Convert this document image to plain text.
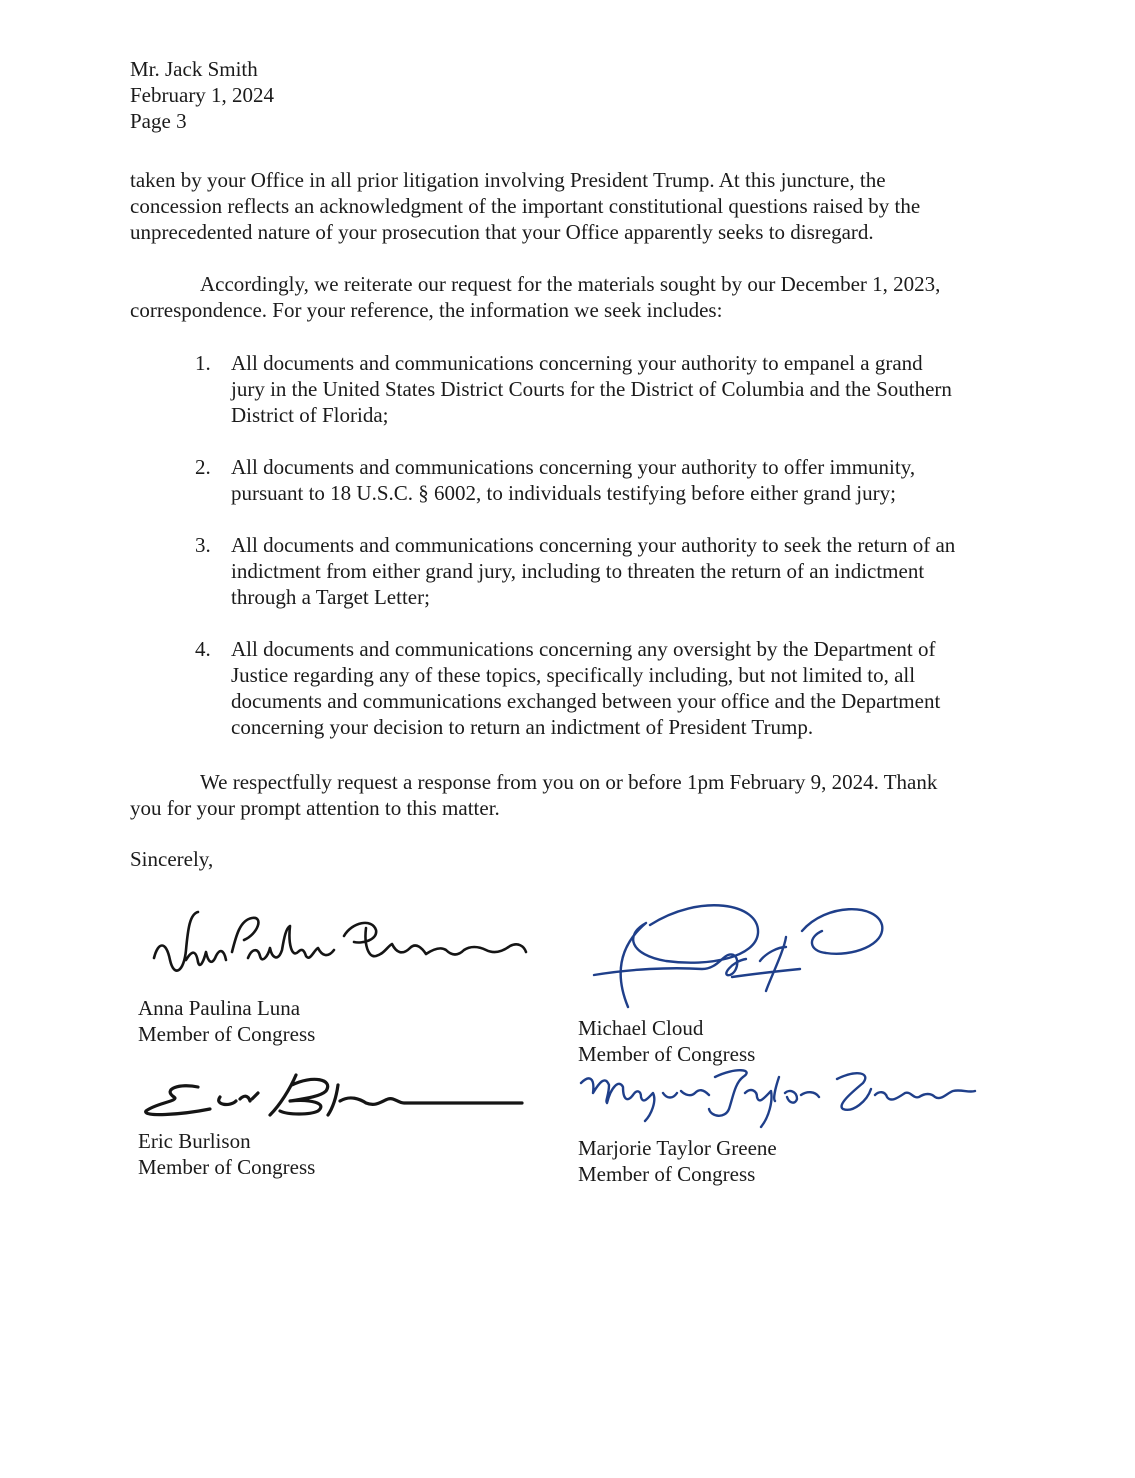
Mr. Jack Smith
February 1, 2024
Page 3
taken by your Office in all prior litigation involving President Trump. At this juncture, the
concession reflects an acknowledgment of the important constitutional questions raised by the
unprecedented nature of your prosecution that your Office apparently seeks to disregard.
Accordingly, we reiterate our request for the materials sought by our December 1, 2023,
correspondence. For your reference, the information we seek includes:
1. All documents and communications concerning your authority to empanel a grand
jury in the United States District Courts for the District of Columbia and the Southern
District of Florida;
2. All documents and communications concerning your authority to offer immunity,
pursuant to 18 U.S.C. § 6002, to individuals testifying before either grand jury;
3. All documents and communications concerning your authority to seek the return of an
indictment from either grand jury, including to threaten the return of an indictment
through a Target Letter;
4. All documents and communications concerning any oversight by the Department of
Justice regarding any of these topics, specifically including, but not limited to, all
documents and communications exchanged between your office and the Department
concerning your decision to return an indictment of President Trump.
We respectfully request a response from you on or before 1pm February 9, 2024. Thank
you for your prompt attention to this matter.
Sincerely,
Anna Paulina Luna
Member of Congress	Michael Cloud
Member of Congress
Eric Burlison
Member of Congress
Marjorie Taylor Greene
Member of Congress
